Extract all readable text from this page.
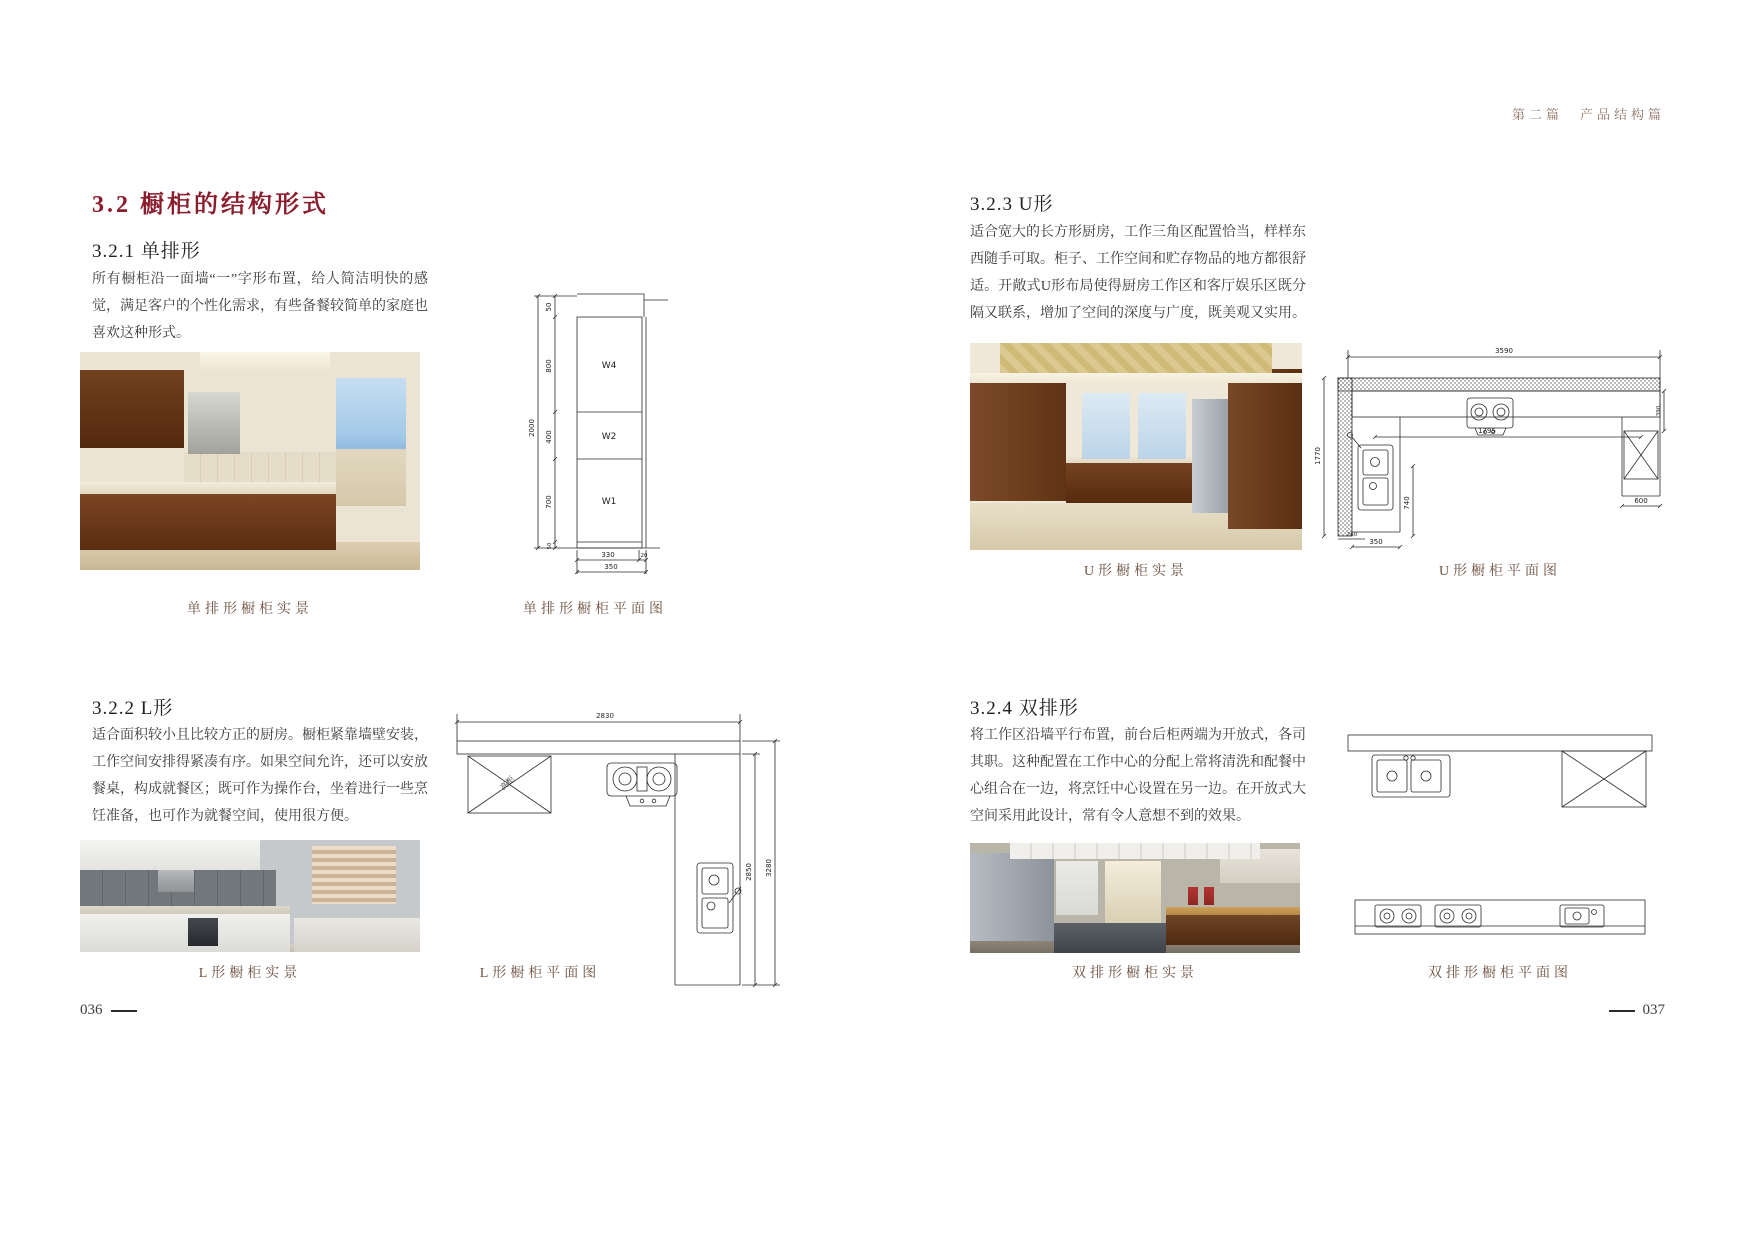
第二篇　产品结构篇
3.2 橱柜的结构形式
3.2.1 单排形
所有橱柜沿一面墙“一”字形布置，给人简洁明快的感觉，满足客户的个性化需求，有些备餐较简单的家庭也喜欢这种形式。
2000
50
800
400
700
50
W4
W2
W1
330	20
350
单排形橱柜实景	单排形橱柜平面图
3.2.2 L形
适合面积较小且比较方正的厨房。橱柜紧靠墙壁安装，工作空间安排得紧凑有序。如果空间允许，还可以安放餐桌，构成就餐区；既可作为操作台，坐着进行一些烹饪准备，也可作为就餐空间，使用很方便。
2830
2850 3280
高柜
L形橱柜实景	L形橱柜平面图
036
3.2.3 U形
适合宽大的长方形厨房，工作三角区配置恰当，样样东西随手可取。柜子、工作空间和贮存物品的地方都很舒适。开敞式U形布局使得厨房工作区和客厅娱乐区既分隔又联系，增加了空间的深度与广度，既美观又实用。
3590
1770
1795
740
260
350
600
390
U形橱柜实景	U形橱柜平面图
3.2.4 双排形
将工作区沿墙平行布置，前台后柜两端为开放式，各司其职。这种配置在工作中心的分配上常将清洗和配餐中心组合在一边，将烹饪中心设置在另一边。在开放式大空间采用此设计，常有令人意想不到的效果。
双排形橱柜实景	双排形橱柜平面图
037
